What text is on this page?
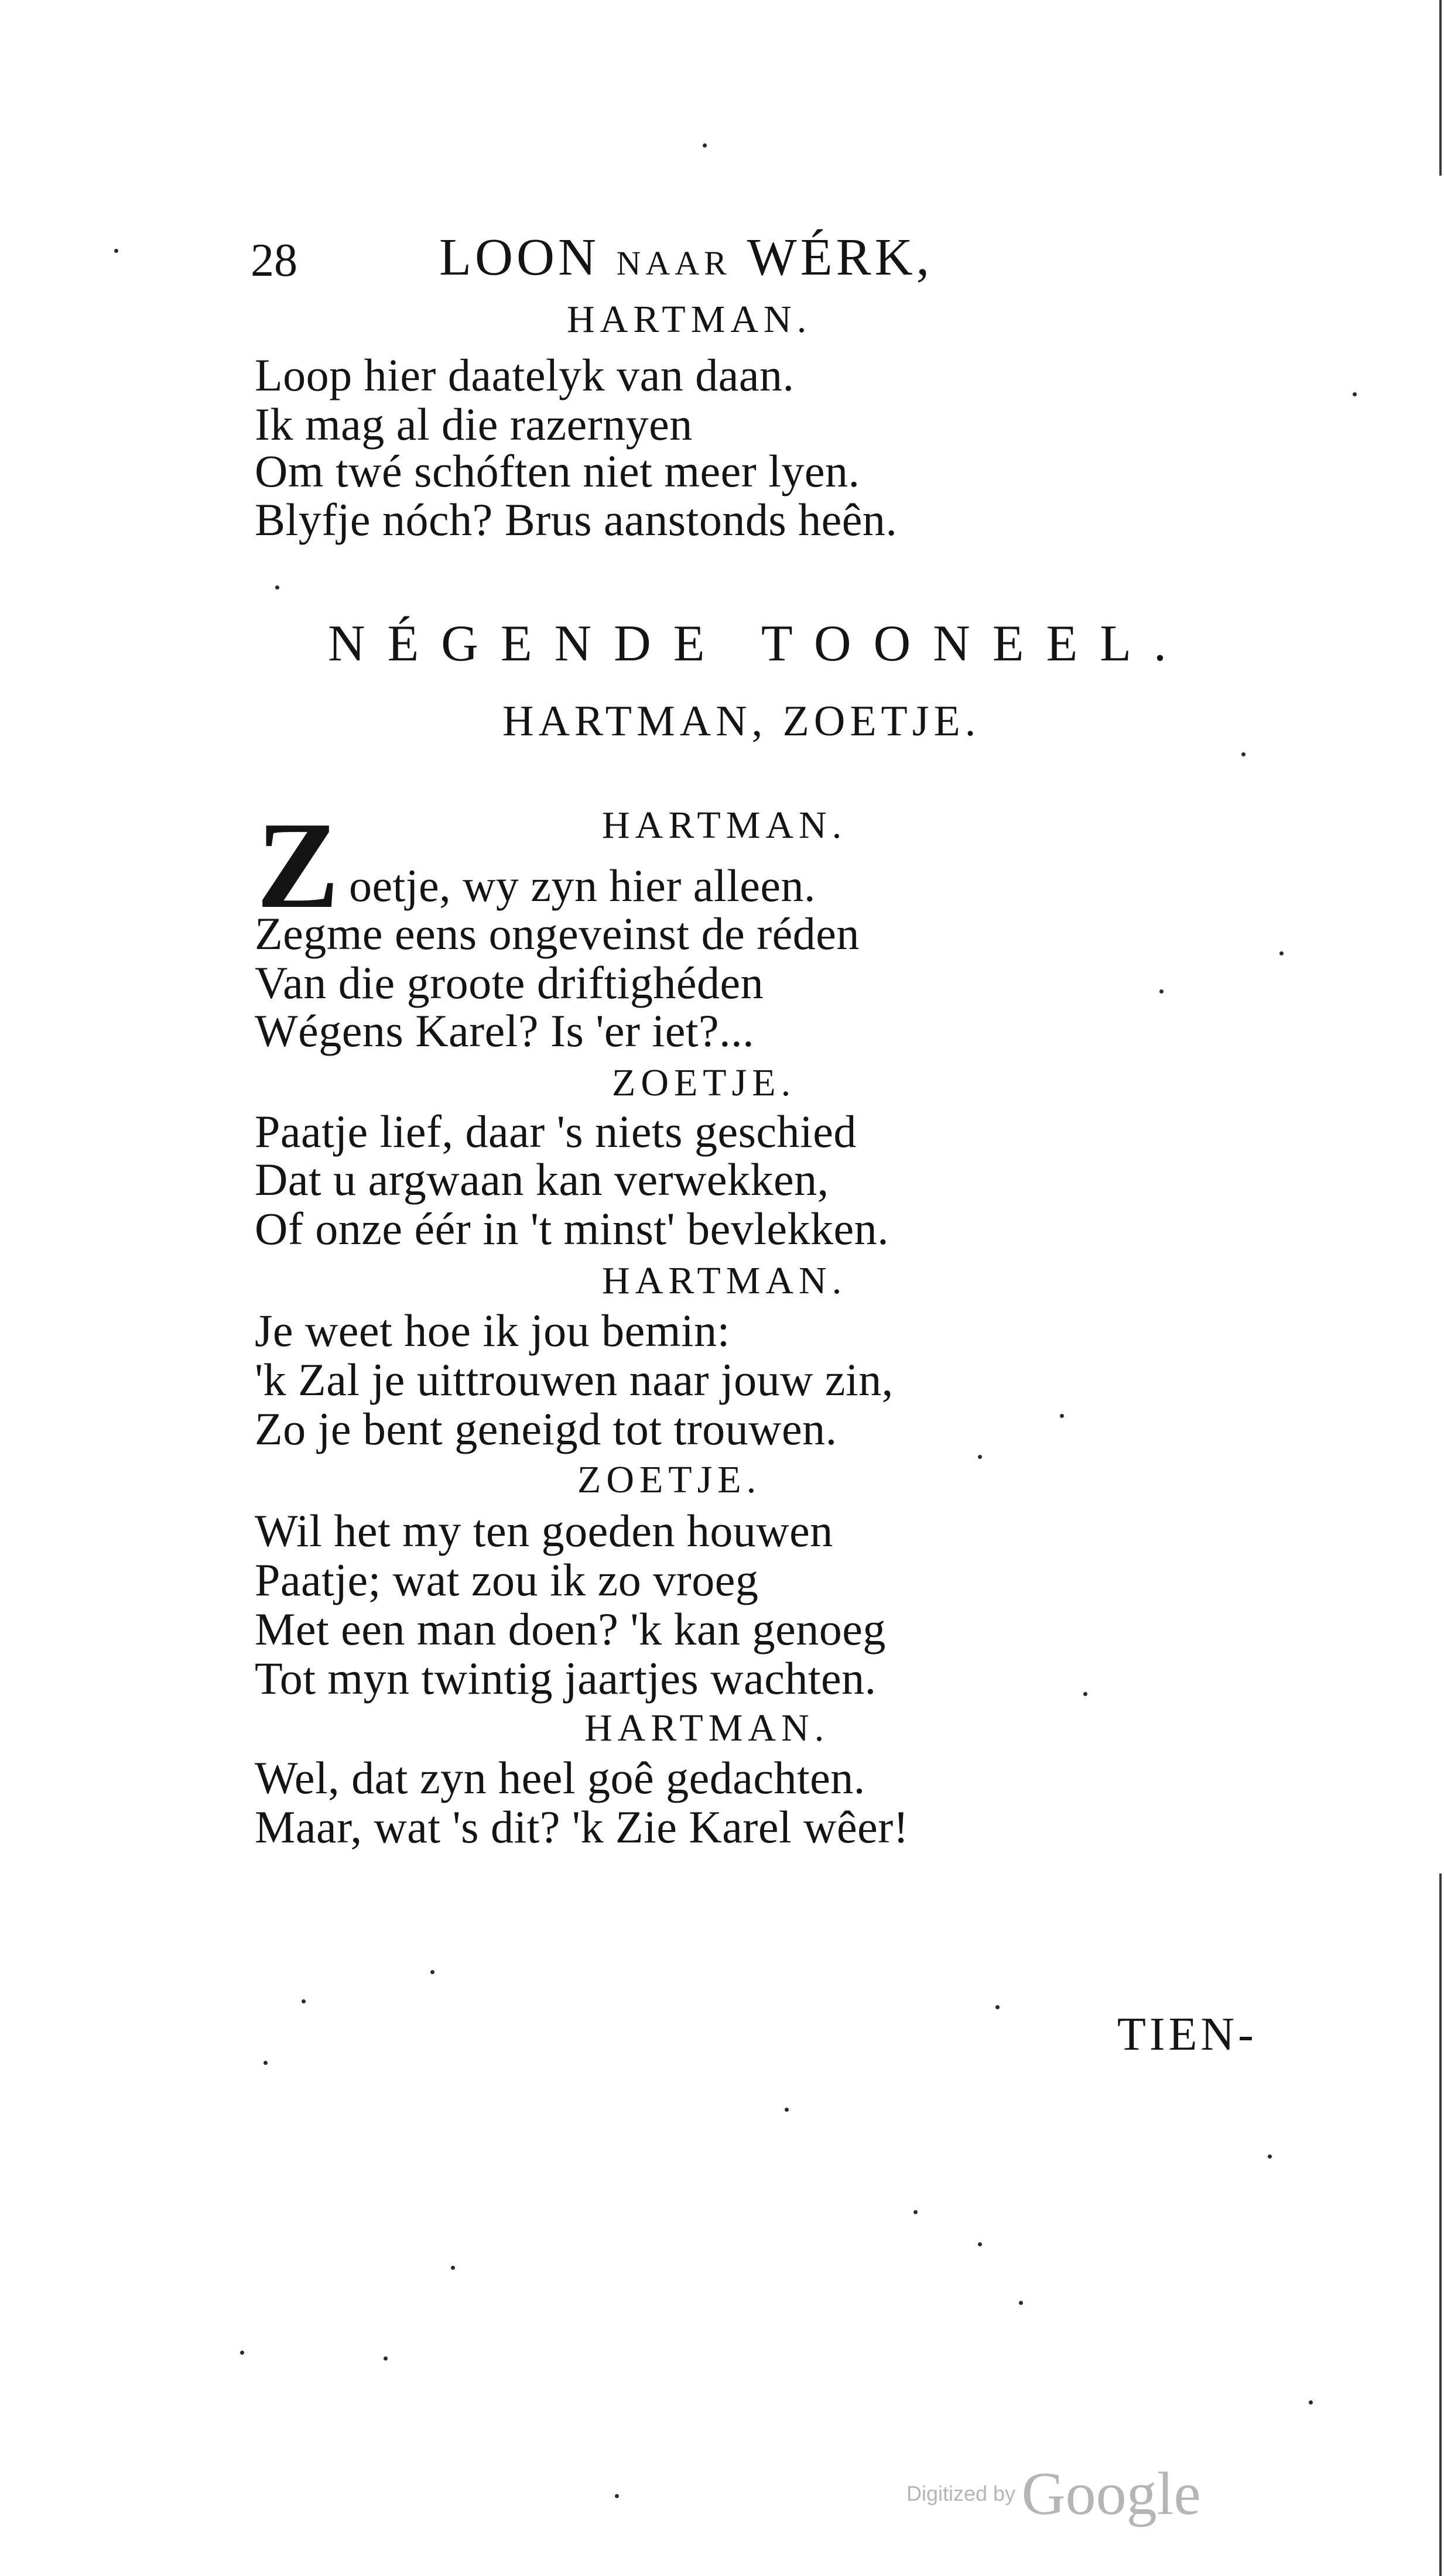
28	LOON NAAR WÉRK,
HARTMAN.
Loop hier daatelyk van daan.
Ik mag al die razernyen
Om twé schóften niet meer lyen.
Blyfje nóch? Brus aanstonds heên.
NÉGENDE TOONEEL.
HARTMAN, ZOETJE.
Z	HARTMAN.
oetje, wy zyn hier alleen.
Zegme eens ongeveinst de réden
Van die groote driftighéden
Wégens Karel? Is 'er iet?...
ZOETJE.
Paatje lief, daar 's niets geschied
Dat u argwaan kan verwekken,
Of onze éér in 't minst' bevlekken.
HARTMAN.
Je weet hoe ik jou bemin:
'k Zal je uittrouwen naar jouw zin,
Zo je bent geneigd tot trouwen.
ZOETJE.
Wil het my ten goeden houwen
Paatje; wat zou ik zo vroeg
Met een man doen? 'k kan genoeg
Tot myn twintig jaartjes wachten.
HARTMAN.
Wel, dat zyn heel goê gedachten.
Maar, wat 's dit? 'k Zie Karel wêer!
TIEN-
Digitized by Google
